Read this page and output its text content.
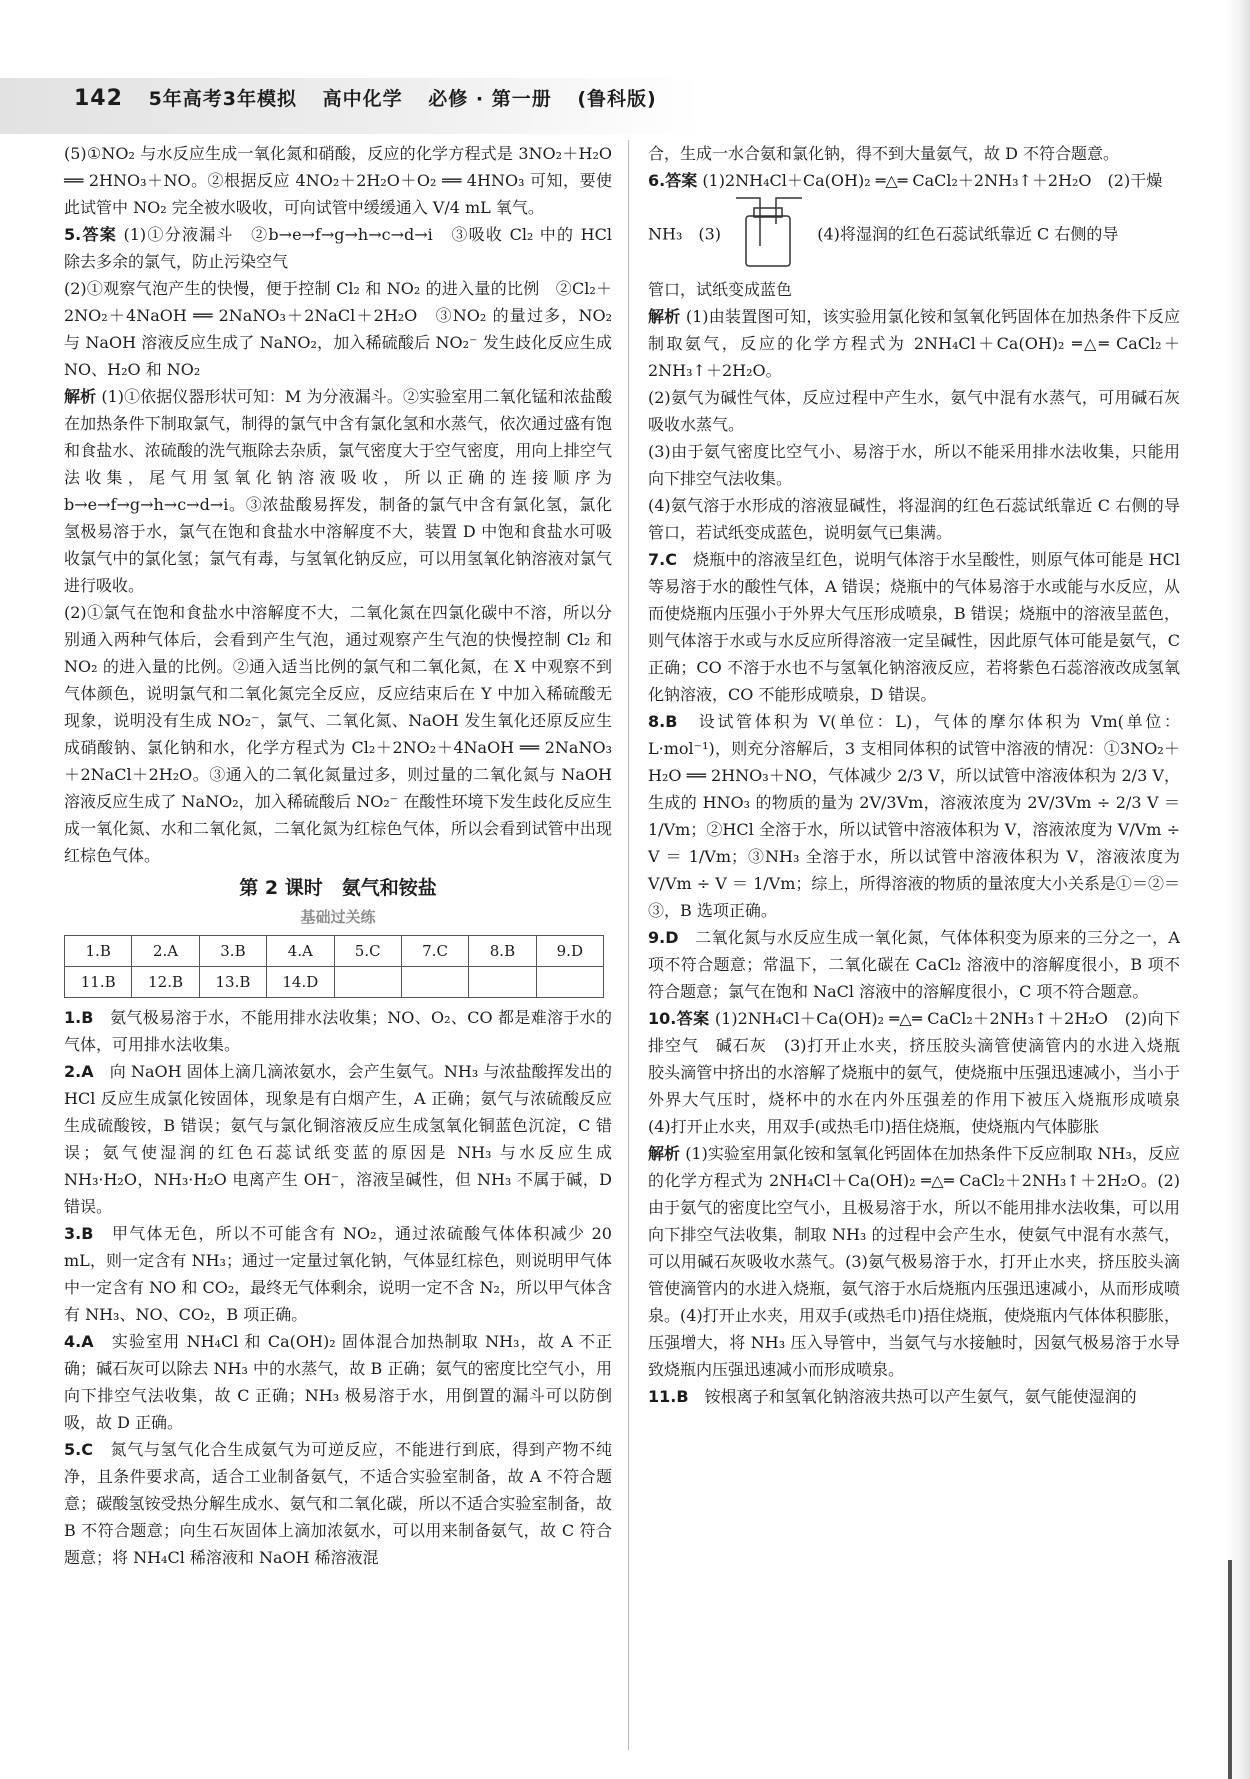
142 5年高考3年模拟 高中化学 必修 · 第一册 (鲁科版)

(5)①NO₂ 与水反应生成一氧化氮和硝酸，反应的化学方程式是 3NO₂＋H₂O ══ 2HNO₃＋NO。②根据反应 4NO₂＋2H₂O＋O₂ ══ 4HNO₃ 可知，要使此试管中 NO₂ 完全被水吸收，可向试管中缓缓通入 V/4 mL 氧气。

5.答案 (1)①分液漏斗　②b→e→f→g→h→c→d→i　③吸收 Cl₂ 中的 HCl　除去多余的氯气，防止污染空气

(2)①观察气泡产生的快慢，便于控制 Cl₂ 和 NO₂ 的进入量的比例　②Cl₂＋2NO₂＋4NaOH ══ 2NaNO₃＋2NaCl＋2H₂O　③NO₂ 的量过多，NO₂ 与 NaOH 溶液反应生成了 NaNO₂，加入稀硫酸后 NO₂⁻ 发生歧化反应生成 NO、H₂O 和 NO₂

解析 (1)①依据仪器形状可知：M 为分液漏斗。②实验室用二氧化锰和浓盐酸在加热条件下制取氯气，制得的氯气中含有氯化氢和水蒸气，依次通过盛有饱和食盐水、浓硫酸的洗气瓶除去杂质，氯气密度大于空气密度，用向上排空气法收集，尾气用氢氧化钠溶液吸收，所以正确的连接顺序为 b→e→f→g→h→c→d→i。③浓盐酸易挥发，制备的氯气中含有氯化氢，氯化氢极易溶于水，氯气在饱和食盐水中溶解度不大，装置 D 中饱和食盐水可吸收氯气中的氯化氢；氯气有毒，与氢氧化钠反应，可以用氢氧化钠溶液对氯气进行吸收。

(2)①氯气在饱和食盐水中溶解度不大，二氧化氮在四氯化碳中不溶，所以分别通入两种气体后，会看到产生气泡，通过观察产生气泡的快慢控制 Cl₂ 和 NO₂ 的进入量的比例。②通入适当比例的氯气和二氧化氮，在 X 中观察不到气体颜色，说明氯气和二氧化氮完全反应，反应结束后在 Y 中加入稀硫酸无现象，说明没有生成 NO₂⁻，氯气、二氧化氮、NaOH 发生氧化还原反应生成硝酸钠、氯化钠和水，化学方程式为 Cl₂＋2NO₂＋4NaOH ══ 2NaNO₃＋2NaCl＋2H₂O。③通入的二氧化氮量过多，则过量的二氧化氮与 NaOH 溶液反应生成了 NaNO₂，加入稀硫酸后 NO₂⁻ 在酸性环境下发生歧化反应生成一氧化氮、水和二氧化氮，二氧化氮为红棕色气体，所以会看到试管中出现红棕色气体。

第 2 课时　氨气和铵盐
基础过关练
1.B	2.A	3.B	4.A	5.C	7.C	8.B	9.D
11.B	12.B	13.B	14.D				

1.B　 氨气极易溶于水，不能用排水法收集；NO、O₂、CO 都是难溶于水的气体，可用排水法收集。

2.A　 向 NaOH 固体上滴几滴浓氨水，会产生氨气。NH₃ 与浓盐酸挥发出的 HCl 反应生成氯化铵固体，现象是有白烟产生，A 正确；氨气与浓硫酸反应生成硫酸铵，B 错误；氨气与氯化铜溶液反应生成氢氧化铜蓝色沉淀，C 错误；氨气使湿润的红色石蕊试纸变蓝的原因是 NH₃ 与水反应生成 NH₃·H₂O，NH₃·H₂O 电离产生 OH⁻，溶液呈碱性，但 NH₃ 不属于碱，D 错误。

3.B　 甲气体无色，所以不可能含有 NO₂，通过浓硫酸气体体积减少 20 mL，则一定含有 NH₃；通过一定量过氧化钠，气体显红棕色，则说明甲气体中一定含有 NO 和 CO₂，最终无气体剩余，说明一定不含 N₂，所以甲气体含有 NH₃、NO、CO₂，B 项正确。

4.A　 实验室用 NH₄Cl 和 Ca(OH)₂ 固体混合加热制取 NH₃，故 A 不正确；碱石灰可以除去 NH₃ 中的水蒸气，故 B 正确；氨气的密度比空气小，用向下排空气法收集，故 C 正确；NH₃ 极易溶于水，用倒置的漏斗可以防倒吸，故 D 正确。

5.C　 氮气与氢气化合生成氨气为可逆反应，不能进行到底，得到产物不纯净，且条件要求高，适合工业制备氨气，不适合实验室制备，故 A 不符合题意；碳酸氢铵受热分解生成水、氨气和二氧化碳，所以不适合实验室制备，故 B 不符合题意；向生石灰固体上滴加浓氨水，可以用来制备氨气，故 C 符合题意；将 NH₄Cl 稀溶液和 NaOH 稀溶液混

合，生成一水合氨和氯化钠，得不到大量氨气，故 D 不符合题意。

6.答案 (1)2NH₄Cl＋Ca(OH)₂ ═△═ CaCl₂＋2NH₃↑＋2H₂O　(2)干燥

NH₃　(3)	(4)将湿润的红色石蕊试纸靠近 C 右侧的导

管口，试纸变成蓝色

解析 (1)由装置图可知，该实验用氯化铵和氢氧化钙固体在加热条件下反应制取氨气，反应的化学方程式为 2NH₄Cl＋Ca(OH)₂ ═△═ CaCl₂＋2NH₃↑＋2H₂O。

(2)氨气为碱性气体，反应过程中产生水，氨气中混有水蒸气，可用碱石灰吸收水蒸气。

(3)由于氨气密度比空气小、易溶于水，所以不能采用排水法收集，只能用向下排空气法收集。

(4)氨气溶于水形成的溶液显碱性，将湿润的红色石蕊试纸靠近 C 右侧的导管口，若试纸变成蓝色，说明氨气已集满。

7.C　 烧瓶中的溶液呈红色，说明气体溶于水呈酸性，则原气体可能是 HCl 等易溶于水的酸性气体，A 错误；烧瓶中的气体易溶于水或能与水反应，从而使烧瓶内压强小于外界大气压形成喷泉，B 错误；烧瓶中的溶液呈蓝色，则气体溶于水或与水反应所得溶液一定呈碱性，因此原气体可能是氨气，C 正确；CO 不溶于水也不与氢氧化钠溶液反应，若将紫色石蕊溶液改成氢氧化钠溶液，CO 不能形成喷泉，D 错误。

8.B　 设试管体积为 V(单位：L)，气体的摩尔体积为 Vm(单位：L·mol⁻¹)，则充分溶解后，3 支相同体积的试管中溶液的情况：①3NO₂＋H₂O ══ 2HNO₃＋NO，气体减少 2/3 V，所以试管中溶液体积为 2/3 V，生成的 HNO₃ 的物质的量为 2V/3Vm，溶液浓度为 2V/3Vm ÷ 2/3 V ＝ 1/Vm；②HCl 全溶于水，所以试管中溶液体积为 V，溶液浓度为 V/Vm ÷ V ＝ 1/Vm；③NH₃ 全溶于水，所以试管中溶液体积为 V，溶液浓度为 V/Vm ÷ V ＝ 1/Vm；综上，所得溶液的物质的量浓度大小关系是①＝②＝③，B 选项正确。

9.D　 二氧化氮与水反应生成一氧化氮，气体体积变为原来的三分之一，A 项不符合题意；常温下，二氧化碳在 CaCl₂ 溶液中的溶解度很小，B 项不符合题意；氯气在饱和 NaCl 溶液中的溶解度很小，C 项不符合题意。

10.答案 (1)2NH₄Cl＋Ca(OH)₂ ═△═ CaCl₂＋2NH₃↑＋2H₂O　(2)向下排空气　碱石灰　(3)打开止水夹，挤压胶头滴管使滴管内的水进入烧瓶　胶头滴管中挤出的水溶解了烧瓶中的氨气，使烧瓶中压强迅速减小，当小于外界大气压时，烧杯中的水在内外压强差的作用下被压入烧瓶形成喷泉　(4)打开止水夹，用双手(或热毛巾)捂住烧瓶，使烧瓶内气体膨胀

解析 (1)实验室用氯化铵和氢氧化钙固体在加热条件下反应制取 NH₃，反应的化学方程式为 2NH₄Cl＋Ca(OH)₂ ═△═ CaCl₂＋2NH₃↑＋2H₂O。(2)由于氨气的密度比空气小，且极易溶于水，所以不能用排水法收集，可以用向下排空气法收集，制取 NH₃ 的过程中会产生水，使氨气中混有水蒸气，可以用碱石灰吸收水蒸气。(3)氨气极易溶于水，打开止水夹，挤压胶头滴管使滴管内的水进入烧瓶，氨气溶于水后烧瓶内压强迅速减小，从而形成喷泉。(4)打开止水夹，用双手(或热毛巾)捂住烧瓶，使烧瓶内气体体积膨胀，压强增大，将 NH₃ 压入导管中，当氨气与水接触时，因氨气极易溶于水导致烧瓶内压强迅速减小而形成喷泉。

11.B　 铵根离子和氢氧化钠溶液共热可以产生氨气，氨气能使湿润的
